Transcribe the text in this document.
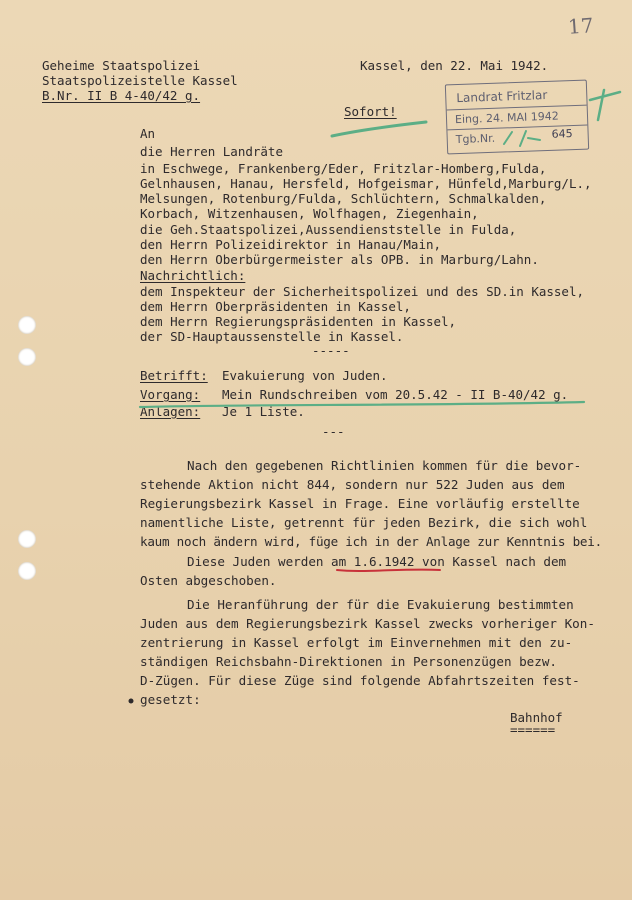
17
Geheime Staatspolizei
Staatspolizeistelle Kassel
B.Nr. II B 4-40/42 g.
Kassel, den 22. Mai 1942.
Sofort!
Landrat Fritzlar
Eing. 24. MAI 1942
Tgb.Nr.	645
An
die Herren Landräte
in Eschwege, Frankenberg/Eder, Fritzlar-Homberg,Fulda,
Gelnhausen, Hanau, Hersfeld, Hofgeismar, Hünfeld,Marburg/L.,
Melsungen, Rotenburg/Fulda, Schlüchtern, Schmalkalden,
Korbach, Witzenhausen, Wolfhagen, Ziegenhain,
die Geh.Staatspolizei,Aussendienststelle in Fulda,
den Herrn Polizeidirektor in Hanau/Main,
den Herrn Oberbürgermeister als OPB. in Marburg/Lahn.
Nachrichtlich:
dem Inspekteur der Sicherheitspolizei und des SD.in Kassel,
dem Herrn Oberpräsidenten in Kassel,
dem Herrn Regierungspräsidenten in Kassel,
der SD-Hauptaussenstelle in Kassel.
-----
Betrifft: Evakuierung von Juden.
Vorgang: Mein Rundschreiben vom 20.5.42 - II B-40/42 g.
Anlagen: Je 1 Liste.
---
Nach den gegebenen Richtlinien kommen für die bevor-
stehende Aktion nicht 844, sondern nur 522 Juden aus dem
Regierungsbezirk Kassel in Frage. Eine vorläufig erstellte
namentliche Liste, getrennt für jeden Bezirk, die sich wohl
kaum noch ändern wird, füge ich in der Anlage zur Kenntnis bei.
Diese Juden werden am 1.6.1942 von Kassel nach dem
Osten abgeschoben.
Die Heranführung der für die Evakuierung bestimmten
Juden aus dem Regierungsbezirk Kassel zwecks vorheriger Kon-
zentrierung in Kassel erfolgt im Einvernehmen mit den zu-
ständigen Reichsbahn-Direktionen in Personenzügen bezw.
D-Zügen. Für diese Züge sind folgende Abfahrtszeiten fest-
gesetzt:
Bahnhof
======
